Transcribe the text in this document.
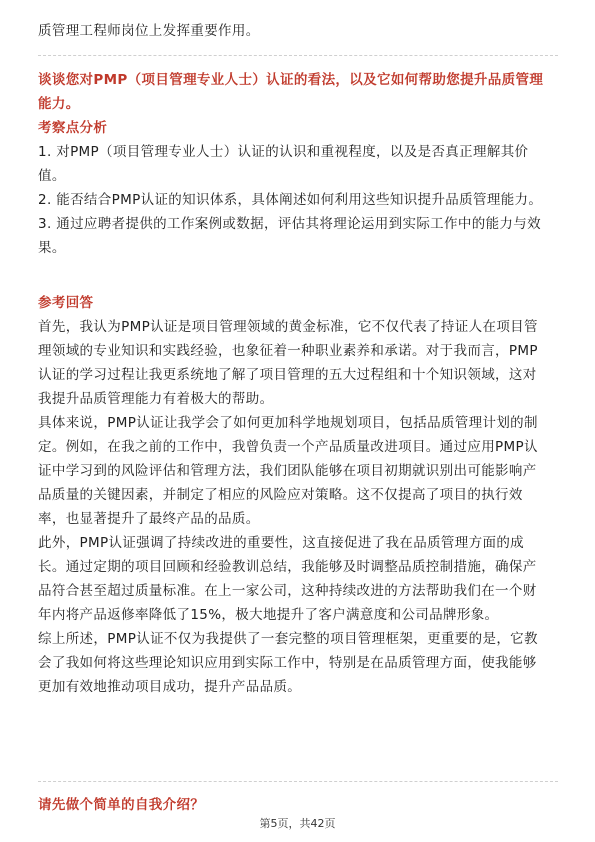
质管理工程师岗位上发挥重要作用。

谈谈您对PMP（项目管理专业人士）认证的看法，以及它如何帮助您提升品质管理

能力。

考察点分析

1. 对PMP（项目管理专业人士）认证的认识和重视程度，以及是否真正理解其价

值。

2. 能否结合PMP认证的知识体系，具体阐述如何利用这些知识提升品质管理能力。

3. 通过应聘者提供的工作案例或数据，评估其将理论运用到实际工作中的能力与效

果。

参考回答

首先，我认为PMP认证是项目管理领域的黄金标准，它不仅代表了持证人在项目管

理领域的专业知识和实践经验，也象征着一种职业素养和承诺。对于我而言，PMP

认证的学习过程让我更系统地了解了项目管理的五大过程组和十个知识领域，这对

我提升品质管理能力有着极大的帮助。

具体来说，PMP认证让我学会了如何更加科学地规划项目，包括品质管理计划的制

定。例如，在我之前的工作中，我曾负责一个产品质量改进项目。通过应用PMP认

证中学习到的风险评估和管理方法，我们团队能够在项目初期就识别出可能影响产

品质量的关键因素，并制定了相应的风险应对策略。这不仅提高了项目的执行效

率，也显著提升了最终产品的品质。

此外，PMP认证强调了持续改进的重要性，这直接促进了我在品质管理方面的成

长。通过定期的项目回顾和经验教训总结，我能够及时调整品质控制措施，确保产

品符合甚至超过质量标准。在上一家公司，这种持续改进的方法帮助我们在一个财

年内将产品返修率降低了15%，极大地提升了客户满意度和公司品牌形象。

综上所述，PMP认证不仅为我提供了一套完整的项目管理框架，更重要的是，它教

会了我如何将这些理论知识应用到实际工作中，特别是在品质管理方面，使我能够

更加有效地推动项目成功，提升产品品质。

请先做个简单的自我介绍？

第5页，共42页
